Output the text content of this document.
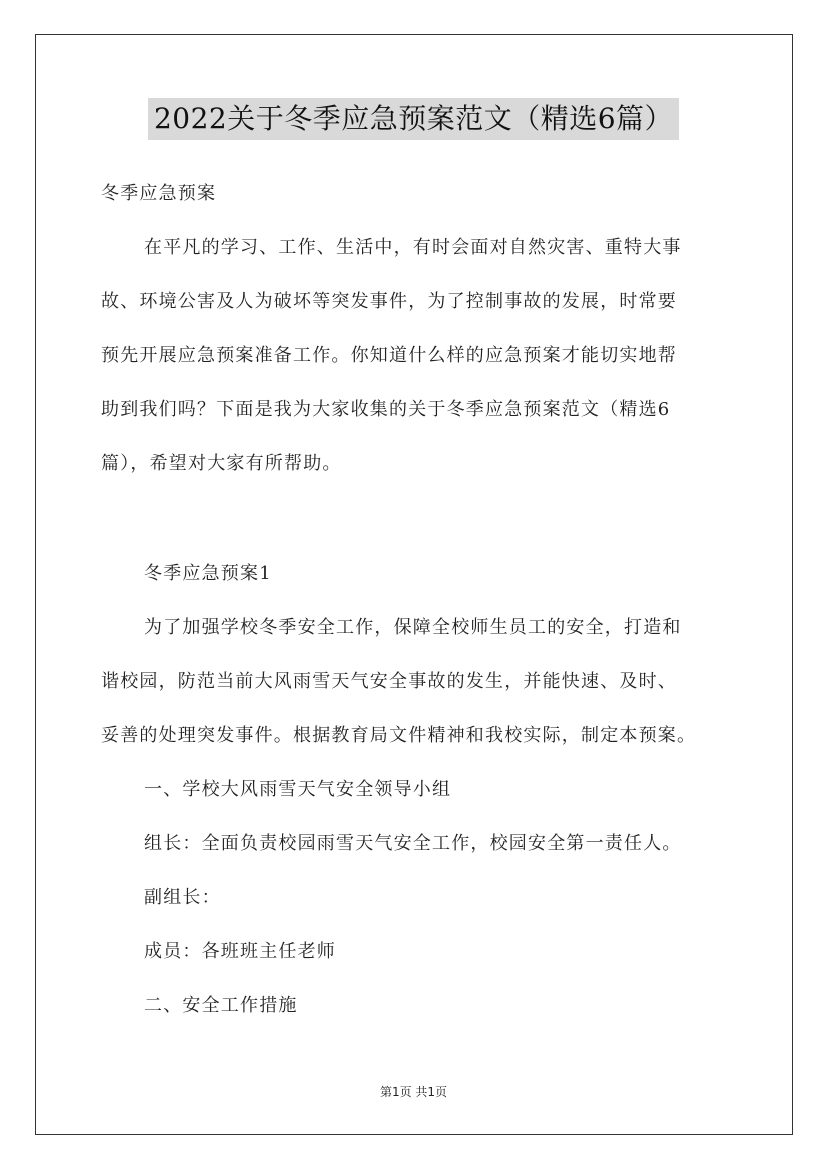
2022关于冬季应急预案范文（精选6篇）
冬季应急预案
在平凡的学习、工作、生活中，有时会面对自然灾害、重特大事
故、环境公害及人为破坏等突发事件，为了控制事故的发展，时常要
预先开展应急预案准备工作。你知道什么样的应急预案才能切实地帮
助到我们吗？下面是我为大家收集的关于冬季应急预案范文（精选6
篇），希望对大家有所帮助。
冬季应急预案1
为了加强学校冬季安全工作，保障全校师生员工的安全，打造和
谐校园，防范当前大风雨雪天气安全事故的发生，并能快速、及时、
妥善的处理突发事件。根据教育局文件精神和我校实际，制定本预案。
一、学校大风雨雪天气安全领导小组
组长：全面负责校园雨雪天气安全工作，校园安全第一责任人。
副组长：
成员：各班班主任老师
二、安全工作措施
第1页 共1页
